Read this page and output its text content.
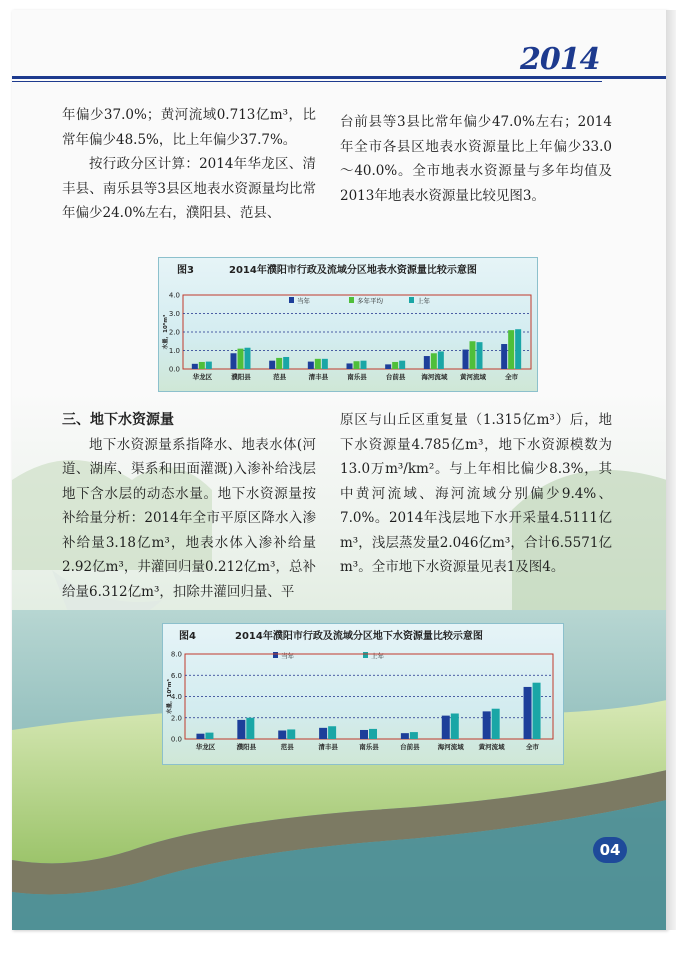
2014

年偏少37.0%；黄河流域0.713亿m³，比常年偏少48.5%，比上年偏少37.7%。

按行政分区计算：2014年华龙区、清丰县、南乐县等3县区地表水资源量均比常年偏少24.0%左右，濮阳县、范县、

台前县等3县比常年偏少47.0%左右；2014年全市各县区地表水资源量比上年偏少33.0～40.0%。全市地表水资源量与多年均值及2013年地表水资源量比较见图3。

图3	2014年濮阳市行政及流域分区地表水资源量比较示意图
当年	多年平均	上年
0.0
1.0
2.0
3.0
4.0
水量，10⁸m³
华龙区	濮阳县	范县	清丰县	南乐县	台前县 海河流域 黄河流域	全市

三、地下水资源量

地下水资源量系指降水、地表水体(河道、湖库、渠系和田面灌溉)入渗补给浅层地下含水层的动态水量。地下水资源量按补给量分析：2014年全市平原区降水入渗补给量3.18亿m³，地表水体入渗补给量2.92亿m³，井灌回归量0.212亿m³，总补给量6.312亿m³，扣除井灌回归量、平

原区与山丘区重复量（1.315亿m³）后，地下水资源量4.785亿m³，地下水资源模数为13.0万m³/km²。与上年相比偏少8.3%，其中黄河流域、海河流域分别偏少9.4%、7.0%。2014年浅层地下水开采量4.5111亿m³，浅层蒸发量2.046亿m³，合计6.5571亿m³。全市地下水资源量见表1及图4。

图4	2014年濮阳市行政及流域分区地下水资源量比较示意图
当年	上年
0.0
2.0
4.0
6.0
8.0
水量，10⁸m³
华龙区	濮阳县	范县	清丰县	南乐县	台前县	海河流域 黄河流域	全市
04
